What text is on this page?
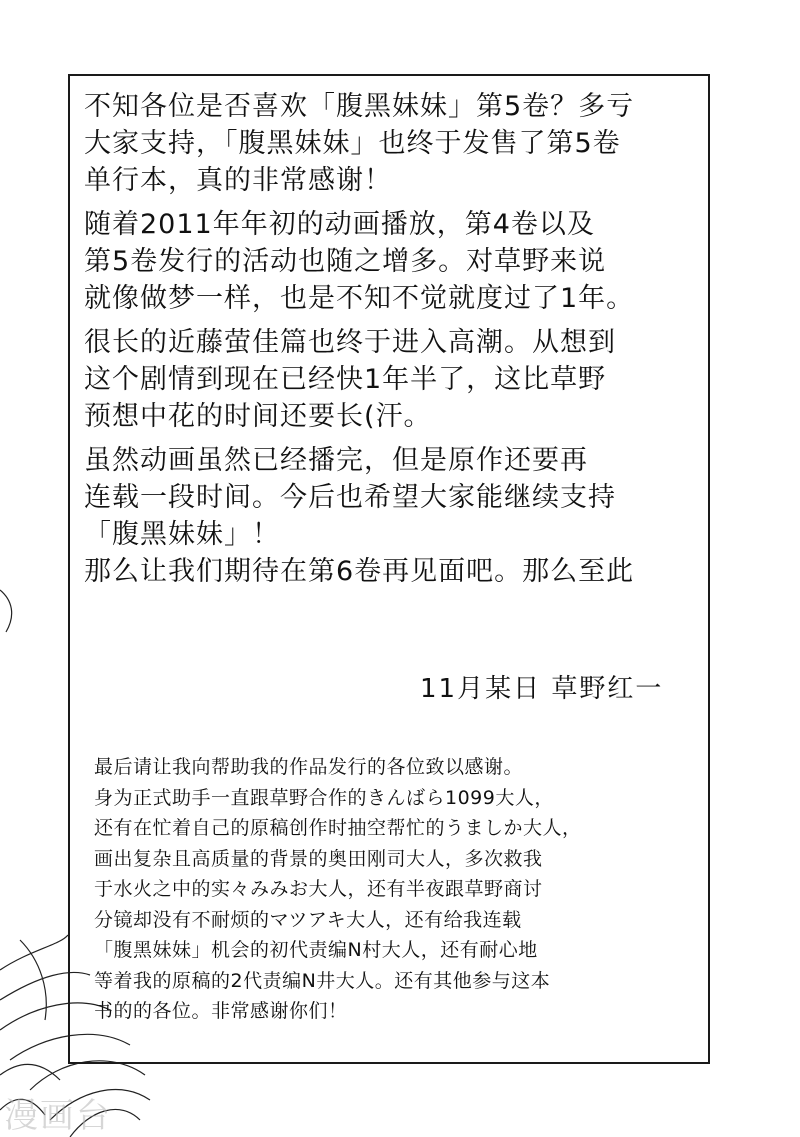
不知各位是否喜欢「腹黑妹妹」第5卷？多亏
大家支持，「腹黑妹妹」也终于发售了第5卷
单行本，真的非常感谢！

随着2011年年初的动画播放，第4卷以及
第5卷发行的活动也随之增多。对草野来说
就像做梦一样，也是不知不觉就度过了1年。

很长的近藤萤佳篇也终于进入高潮。从想到
这个剧情到现在已经快1年半了，这比草野
预想中花的时间还要长(汗。

虽然动画虽然已经播完，但是原作还要再
连载一段时间。今后也希望大家能继续支持
「腹黑妹妹」！
那么让我们期待在第6卷再见面吧。那么至此

11月某日 草野红一
最后请让我向帮助我的作品发行的各位致以感谢。
身为正式助手一直跟草野合作的きんばら1099大人，
还有在忙着自己的原稿创作时抽空帮忙的うましか大人，
画出复杂且高质量的背景的奥田刚司大人，多次救我
于水火之中的实々みみお大人，还有半夜跟草野商讨
分镜却没有不耐烦的マツアキ大人，还有给我连载
「腹黑妹妹」机会的初代责编N村大人，还有耐心地
等着我的原稿的2代责编N井大人。还有其他参与这本
书的的各位。非常感谢你们！
漫画台
